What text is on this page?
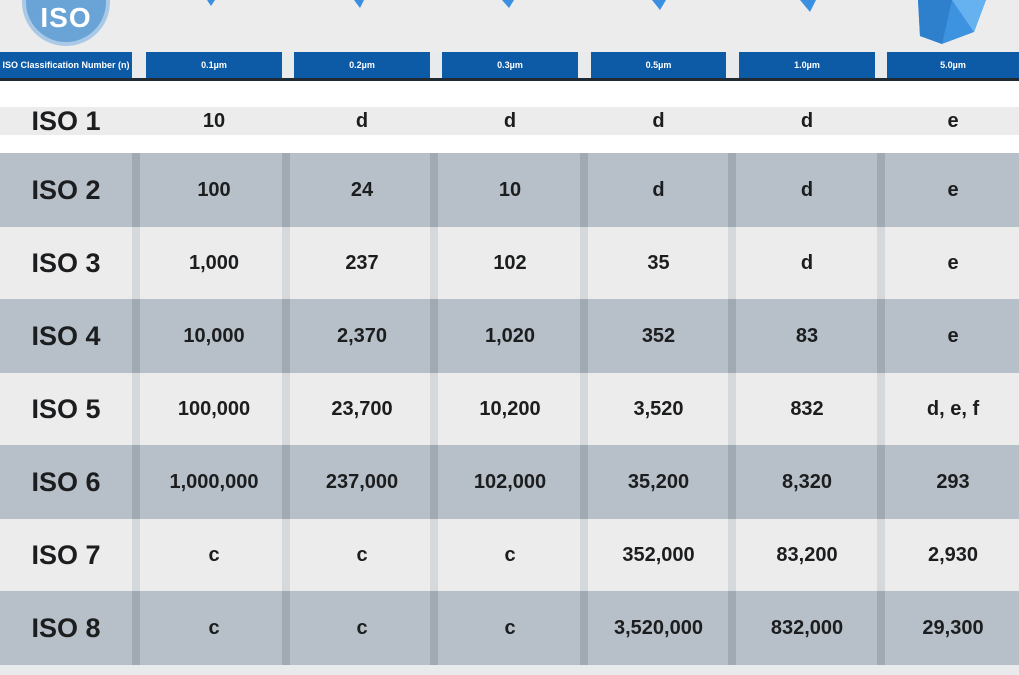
ISO
ISO Classification Number (n)	0.1µm	0.2µm	0.3µm	0.5µm	1.0µm	5.0µm
ISO 1	10	d	d	d	d	e
ISO 2	100	24	10	d	d	e
ISO 3	1,000	237	102	35	d	e
ISO 4	10,000	2,370	1,020	352	83	e
ISO 5	100,000	23,700	10,200	3,520	832	d, e, f
ISO 6	1,000,000	237,000	102,000	35,200	8,320	293
ISO 7	c	c	c	352,000	83,200	2,930
ISO 8	c	c	c	3,520,000	832,000	29,300
